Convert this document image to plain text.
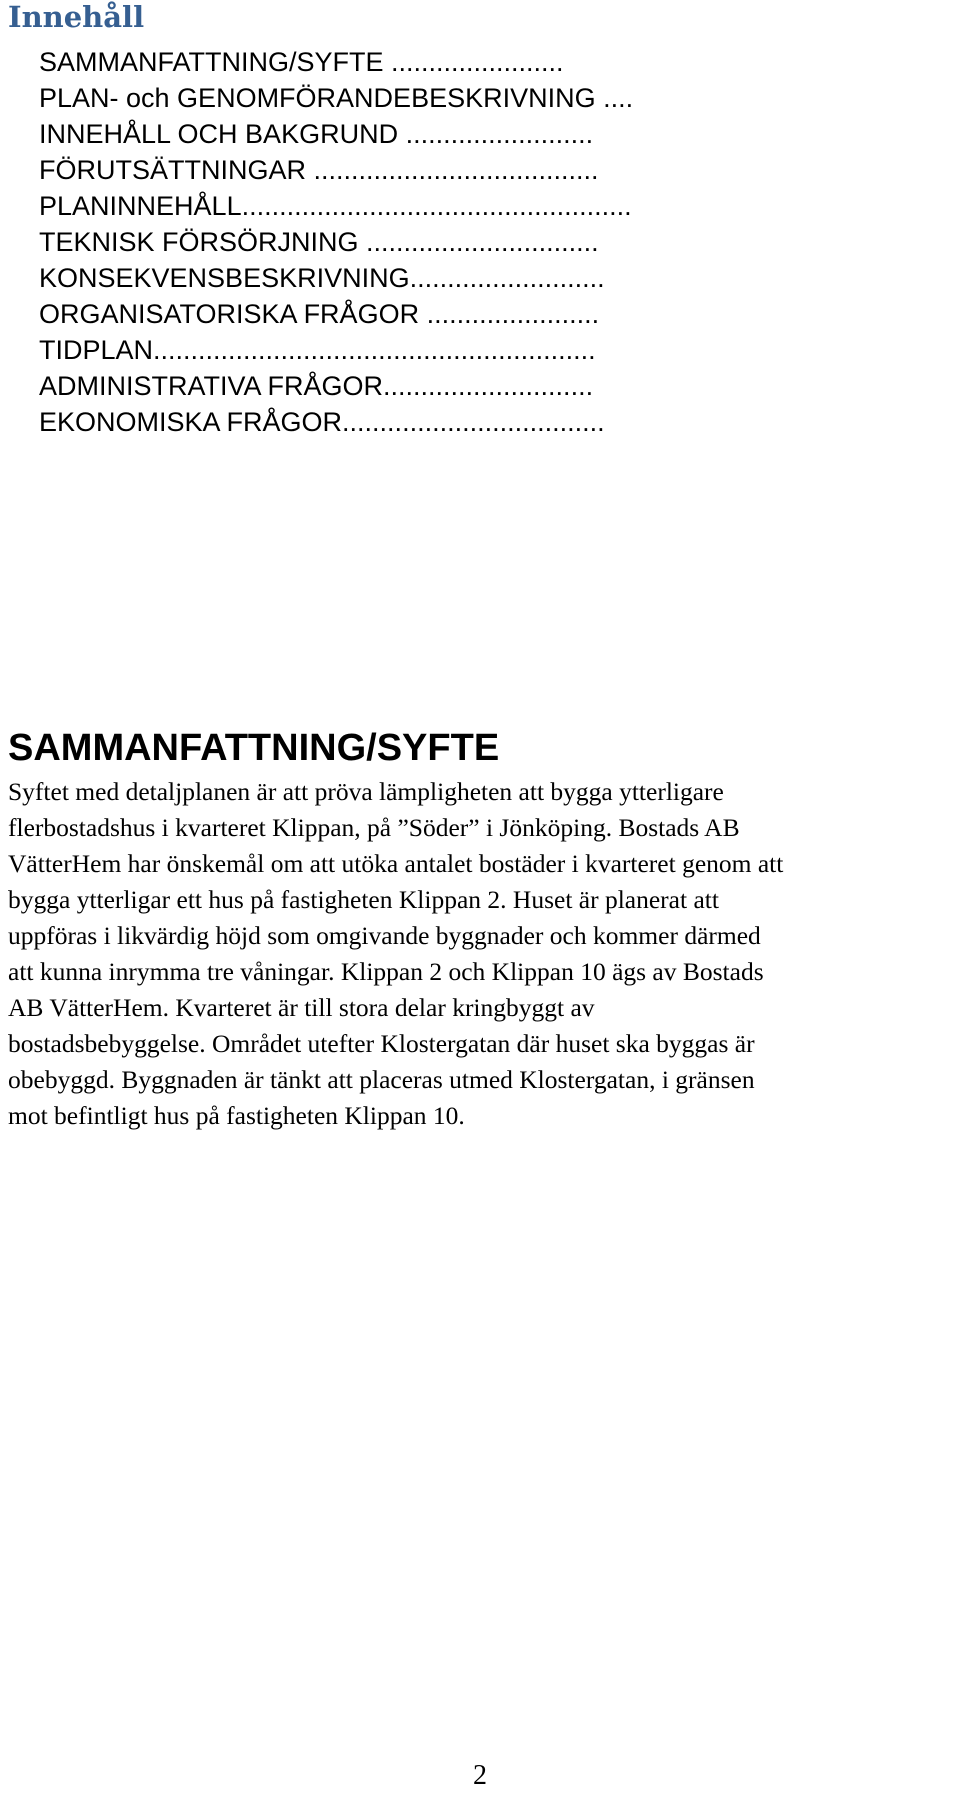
Innehåll
SAMMANFATTNING/SYFTE .......................
PLAN- och GENOMFÖRANDEBESKRIVNING ....
INNEHÅLL OCH BAKGRUND .........................
FÖRUTSÄTTNINGAR ......................................
PLANINNEHÅLL....................................................
TEKNISK FÖRSÖRJNING ...............................
KONSEKVENSBESKRIVNING..........................
ORGANISATORISKA FRÅGOR .......................
TIDPLAN...........................................................
ADMINISTRATIVA FRÅGOR............................
EKONOMISKA FRÅGOR...................................
SAMMANFATTNING/SYFTE

Syftet med detaljplanen är att pröva lämpligheten att bygga ytterligare
flerbostadshus i kvarteret Klippan, på ”Söder” i Jönköping. Bostads AB
VätterHem har önskemål om att utöka antalet bostäder i kvarteret genom att
bygga ytterligar ett hus på fastigheten Klippan 2. Huset är planerat att
uppföras i likvärdig höjd som omgivande byggnader och kommer därmed
att kunna inrymma tre våningar. Klippan 2 och Klippan 10 ägs av Bostads
AB VätterHem. Kvarteret är till stora delar kringbyggt av
bostadsbebyggelse. Området utefter Klostergatan där huset ska byggas är
obebyggd. Byggnaden är tänkt att placeras utmed Klostergatan, i gränsen
mot befintligt hus på fastigheten Klippan 10.

2
